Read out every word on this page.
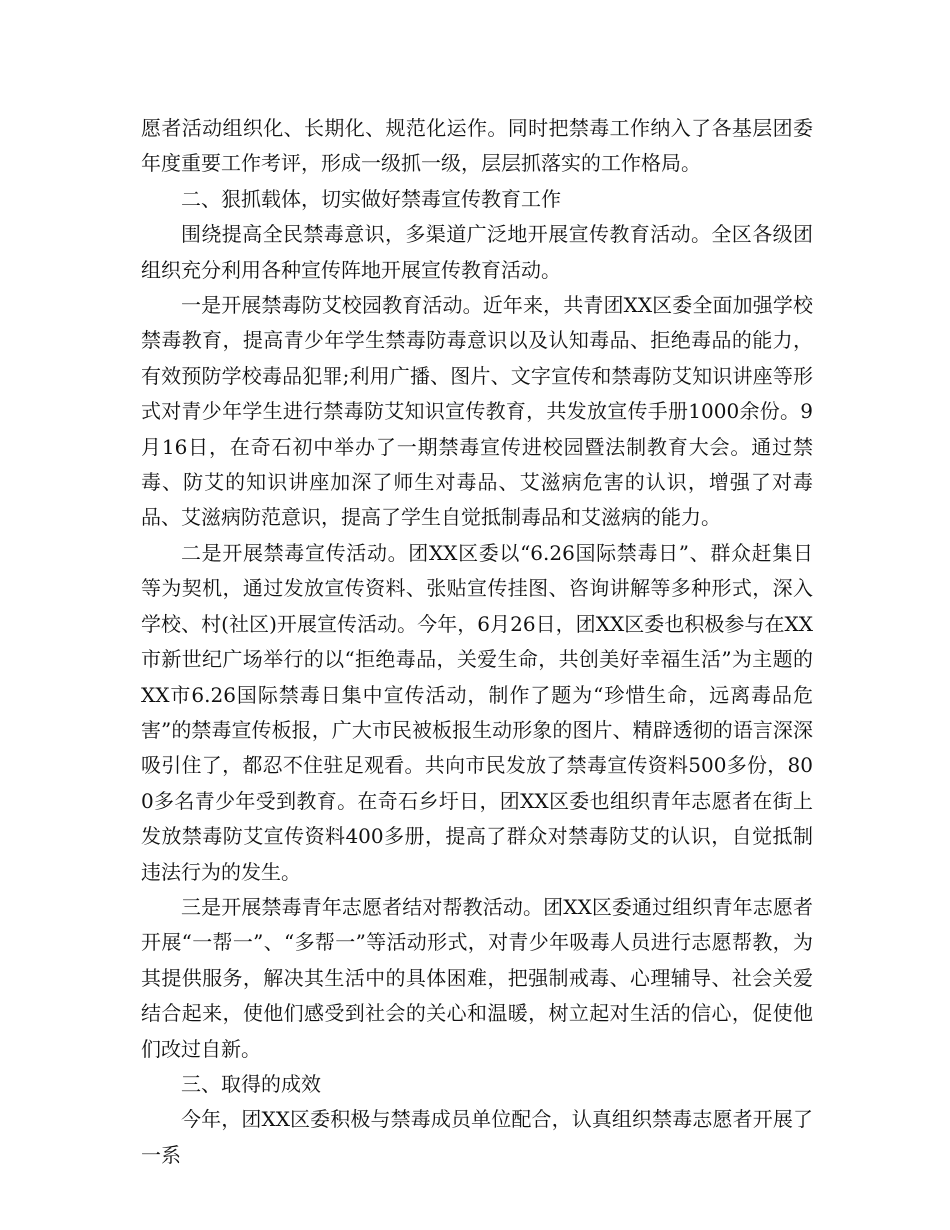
愿者活动组织化、长期化、规范化运作。同时把禁毒工作纳入了各基层团委年度重要工作考评，形成一级抓一级，层层抓落实的工作格局。

二、狠抓载体，切实做好禁毒宣传教育工作

围绕提高全民禁毒意识，多渠道广泛地开展宣传教育活动。全区各级团组织充分利用各种宣传阵地开展宣传教育活动。

一是开展禁毒防艾校园教育活动。近年来，共青团XX区委全面加强学校禁毒教育，提高青少年学生禁毒防毒意识以及认知毒品、拒绝毒品的能力，有效预防学校毒品犯罪;利用广播、图片、文字宣传和禁毒防艾知识讲座等形式对青少年学生进行禁毒防艾知识宣传教育，共发放宣传手册1000余份。9月16日，在奇石初中举办了一期禁毒宣传进校园暨法制教育大会。通过禁毒、防艾的知识讲座加深了师生对毒品、艾滋病危害的认识，增强了对毒品、艾滋病防范意识，提高了学生自觉抵制毒品和艾滋病的能力。

二是开展禁毒宣传活动。团XX区委以“6.26国际禁毒日”、群众赶集日等为契机，通过发放宣传资料、张贴宣传挂图、咨询讲解等多种形式，深入学校、村(社区)开展宣传活动。今年，6月26日，团XX区委也积极参与在XX市新世纪广场举行的以“拒绝毒品，关爱生命，共创美好幸福生活”为主题的XX市6.26国际禁毒日集中宣传活动，制作了题为“珍惜生命，远离毒品危害”的禁毒宣传板报，广大市民被板报生动形象的图片、精辟透彻的语言深深吸引住了，都忍不住驻足观看。共向市民发放了禁毒宣传资料500多份，800多名青少年受到教育。在奇石乡圩日，团XX区委也组织青年志愿者在街上发放禁毒防艾宣传资料400多册，提高了群众对禁毒防艾的认识，自觉抵制违法行为的发生。

三是开展禁毒青年志愿者结对帮教活动。团XX区委通过组织青年志愿者开展“一帮一”、“多帮一”等活动形式，对青少年吸毒人员进行志愿帮教，为其提供服务，解决其生活中的具体困难，把强制戒毒、心理辅导、社会关爱结合起来，使他们感受到社会的关心和温暖，树立起对生活的信心，促使他们改过自新。

三、取得的成效

今年，团XX区委积极与禁毒成员单位配合，认真组织禁毒志愿者开展了一系
